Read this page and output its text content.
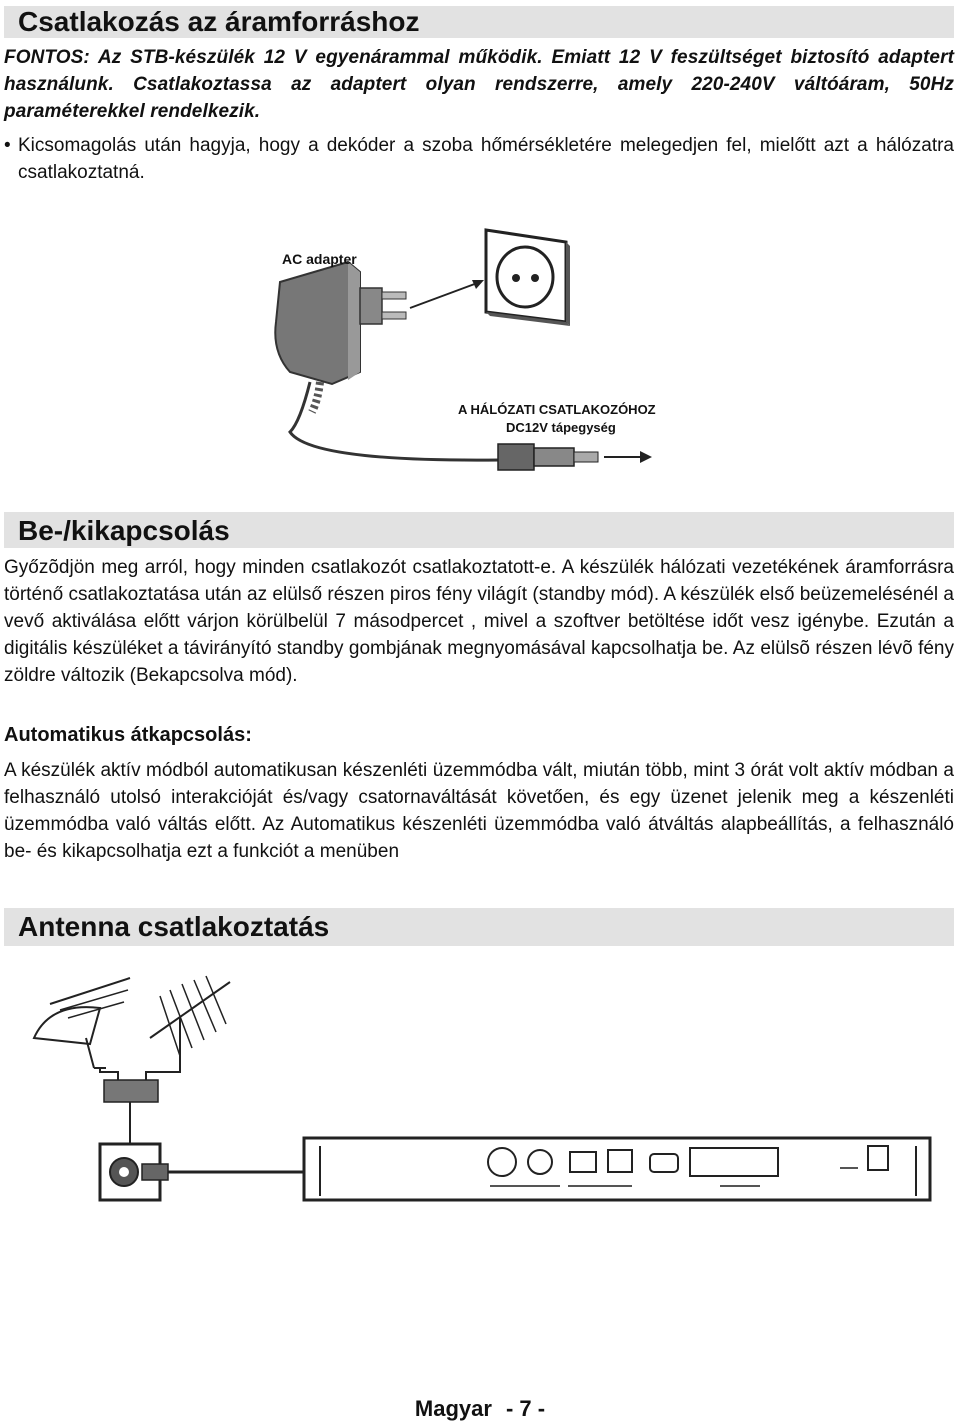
Csatlakozás az áramforráshoz

FONTOS: Az STB-készülék 12 V egyenárammal működik. Emiatt 12 V feszültséget biztosító adaptert használunk. Csatlakoztassa az adaptert olyan rendszerre, amely 220-240V váltóáram, 50Hz paraméterekkel rendelkezik.

• Kicsomagolás után hagyja, hogy a dekóder a szoba hőmérsékletére melegedjen fel, mielőtt azt a hálózatra csatlakoztatná.
AC adapter
A HÁLÓZATI CSATLAKOZÓHOZ
DC12V tápegység
Be-/kikapcsolás

Győzõdjön meg arról, hogy minden csatlakozót csatlakoztatott-e. A készülék hálózati vezetékének áramforrásra történő csatlakoztatása után az elülső részen piros fény világít (standby mód). A készülék első beüzemelésénél a vevő aktiválása előtt várjon körülbelül 7 másodpercet , mivel a szoftver betöltése időt vesz igénybe. Ezután a digitális készüléket a távirányító standby gombjának megnyomásával kapcsolhatja be. Az elülsõ részen lévõ fény zöldre változik (Bekapcsolva mód).

Automatikus átkapcsolás:

A készülék aktív módból automatikusan készenléti üzemmódba vált, miután több, mint 3 órát volt aktív módban a felhasználó utolsó interakcióját és/vagy csatornaváltását követően, és egy üzenet jelenik meg a készenléti üzemmódba való váltás előtt. Az Automatikus készenléti üzemmódba való átváltás alapbeállítás, a felhasználó be- és kikapcsolhatja ezt a funkciót a menüben

Antenna csatlakoztatás
Magyar - 7 -
